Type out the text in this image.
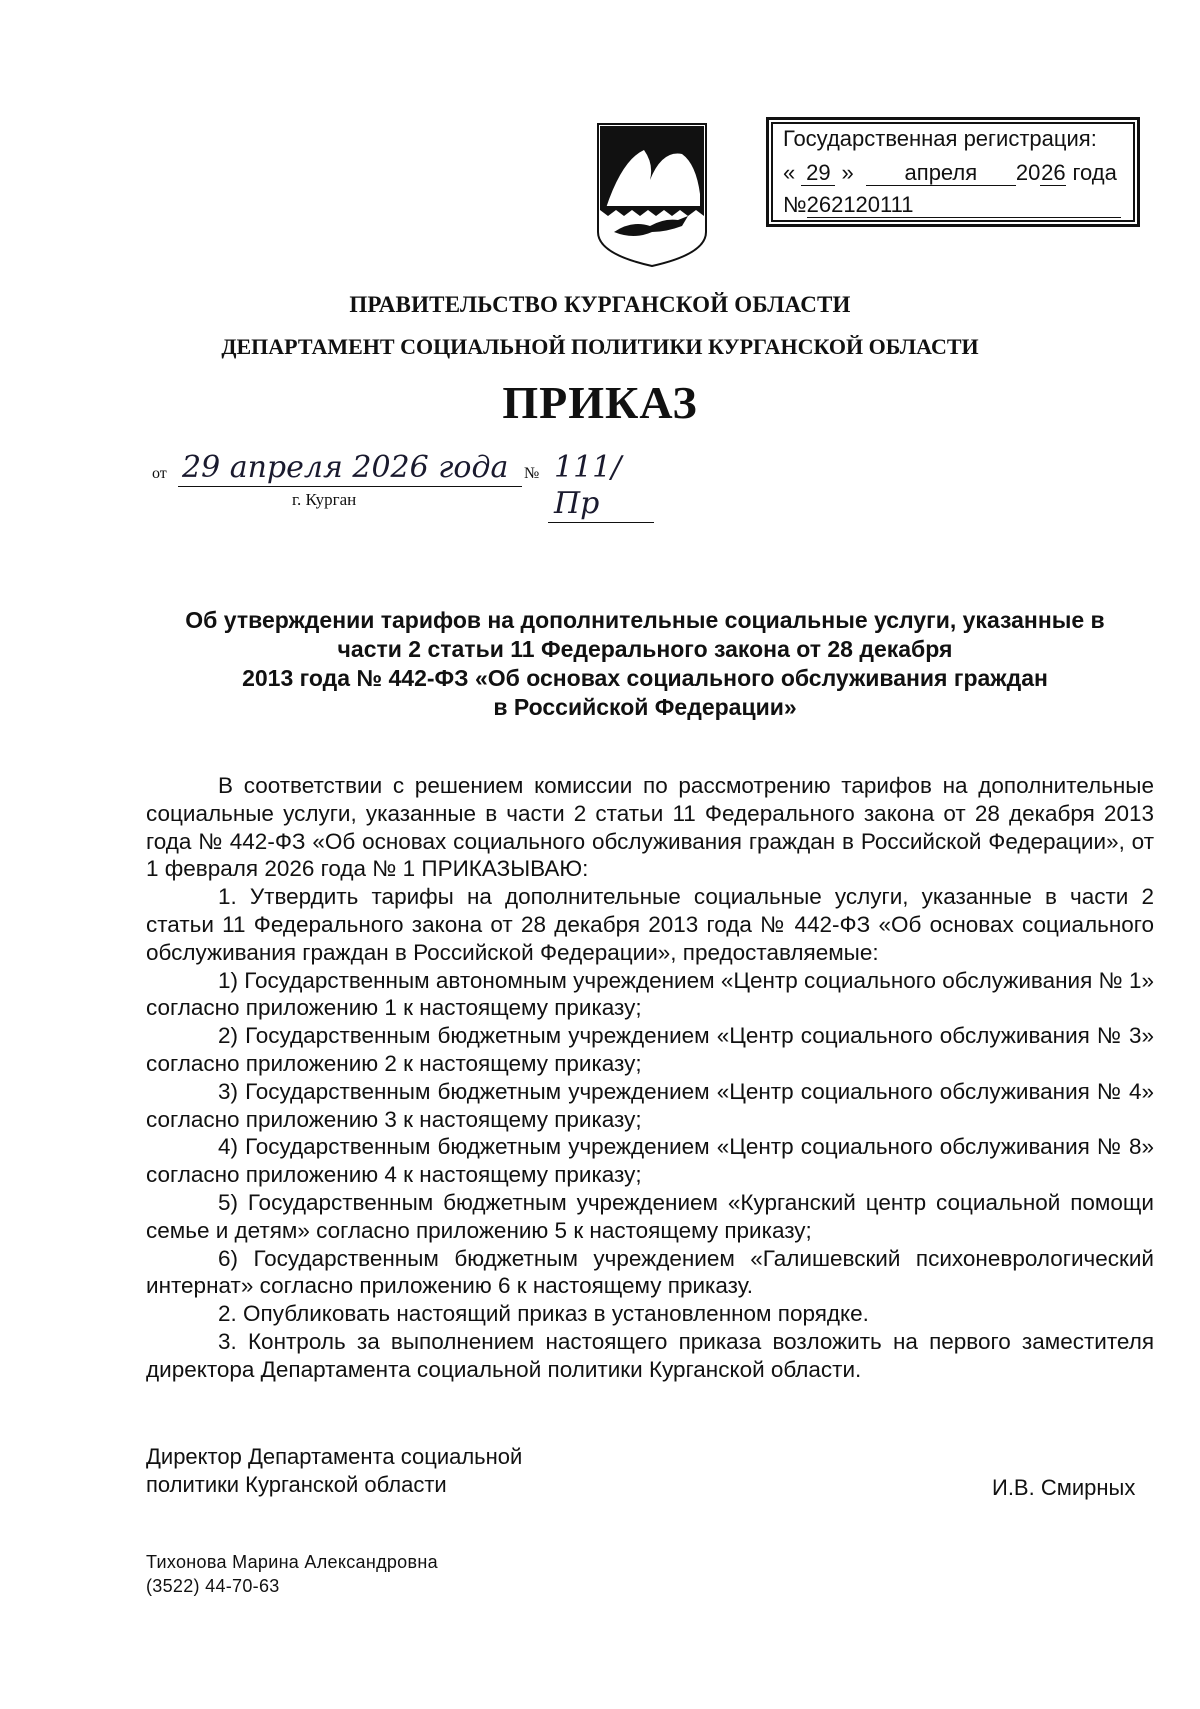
Государственная регистрация:
« 29 » апреля 2026 года
№262120111
ПРАВИТЕЛЬСТВО КУРГАНСКОЙ ОБЛАСТИ
ДЕПАРТАМЕНТ СОЦИАЛЬНОЙ ПОЛИТИКИ КУРГАНСКОЙ ОБЛАСТИ
ПРИКАЗ
от 29 апреля 2026 года № 111/Пр
г. Курган
Об утверждении тарифов на дополнительные социальные услуги, указанные в
части 2 статьи 11 Федерального закона от 28 декабря
2013 года № 442-ФЗ «Об основах социального обслуживания граждан
в Российской Федерации»

В соответствии с решением комиссии по рассмотрению тарифов на дополнительные социальные услуги, указанные в части 2 статьи 11 Федерального закона от 28 декабря 2013 года № 442-ФЗ «Об основах социального обслуживания граждан в Российской Федерации», от 1 февраля 2026 года № 1 ПРИКАЗЫВАЮ:

1. Утвердить тарифы на дополнительные социальные услуги, указанные в части 2 статьи 11 Федерального закона от 28 декабря 2013 года № 442-ФЗ «Об основах социального обслуживания граждан в Российской Федерации», предоставляемые:

1) Государственным автономным учреждением «Центр социального обслуживания № 1» согласно приложению 1 к настоящему приказу;

2) Государственным бюджетным учреждением «Центр социального обслуживания № 3» согласно приложению 2 к настоящему приказу;

3) Государственным бюджетным учреждением «Центр социального обслуживания № 4» согласно приложению 3 к настоящему приказу;

4) Государственным бюджетным учреждением «Центр социального обслуживания № 8» согласно приложению 4 к настоящему приказу;

5) Государственным бюджетным учреждением «Курганский центр социальной помощи семье и детям» согласно приложению 5 к настоящему приказу;

6) Государственным бюджетным учреждением «Галишевский психоневрологический интернат» согласно приложению 6 к настоящему приказу.

2. Опубликовать настоящий приказ в установленном порядке.

3. Контроль за выполнением настоящего приказа возложить на первого заместителя директора Департамента социальной политики Курганской области.

Директор Департамента социальной
политики Курганской области	И.В. Смирных
Тихонова Марина Александровна
(3522) 44-70-63
